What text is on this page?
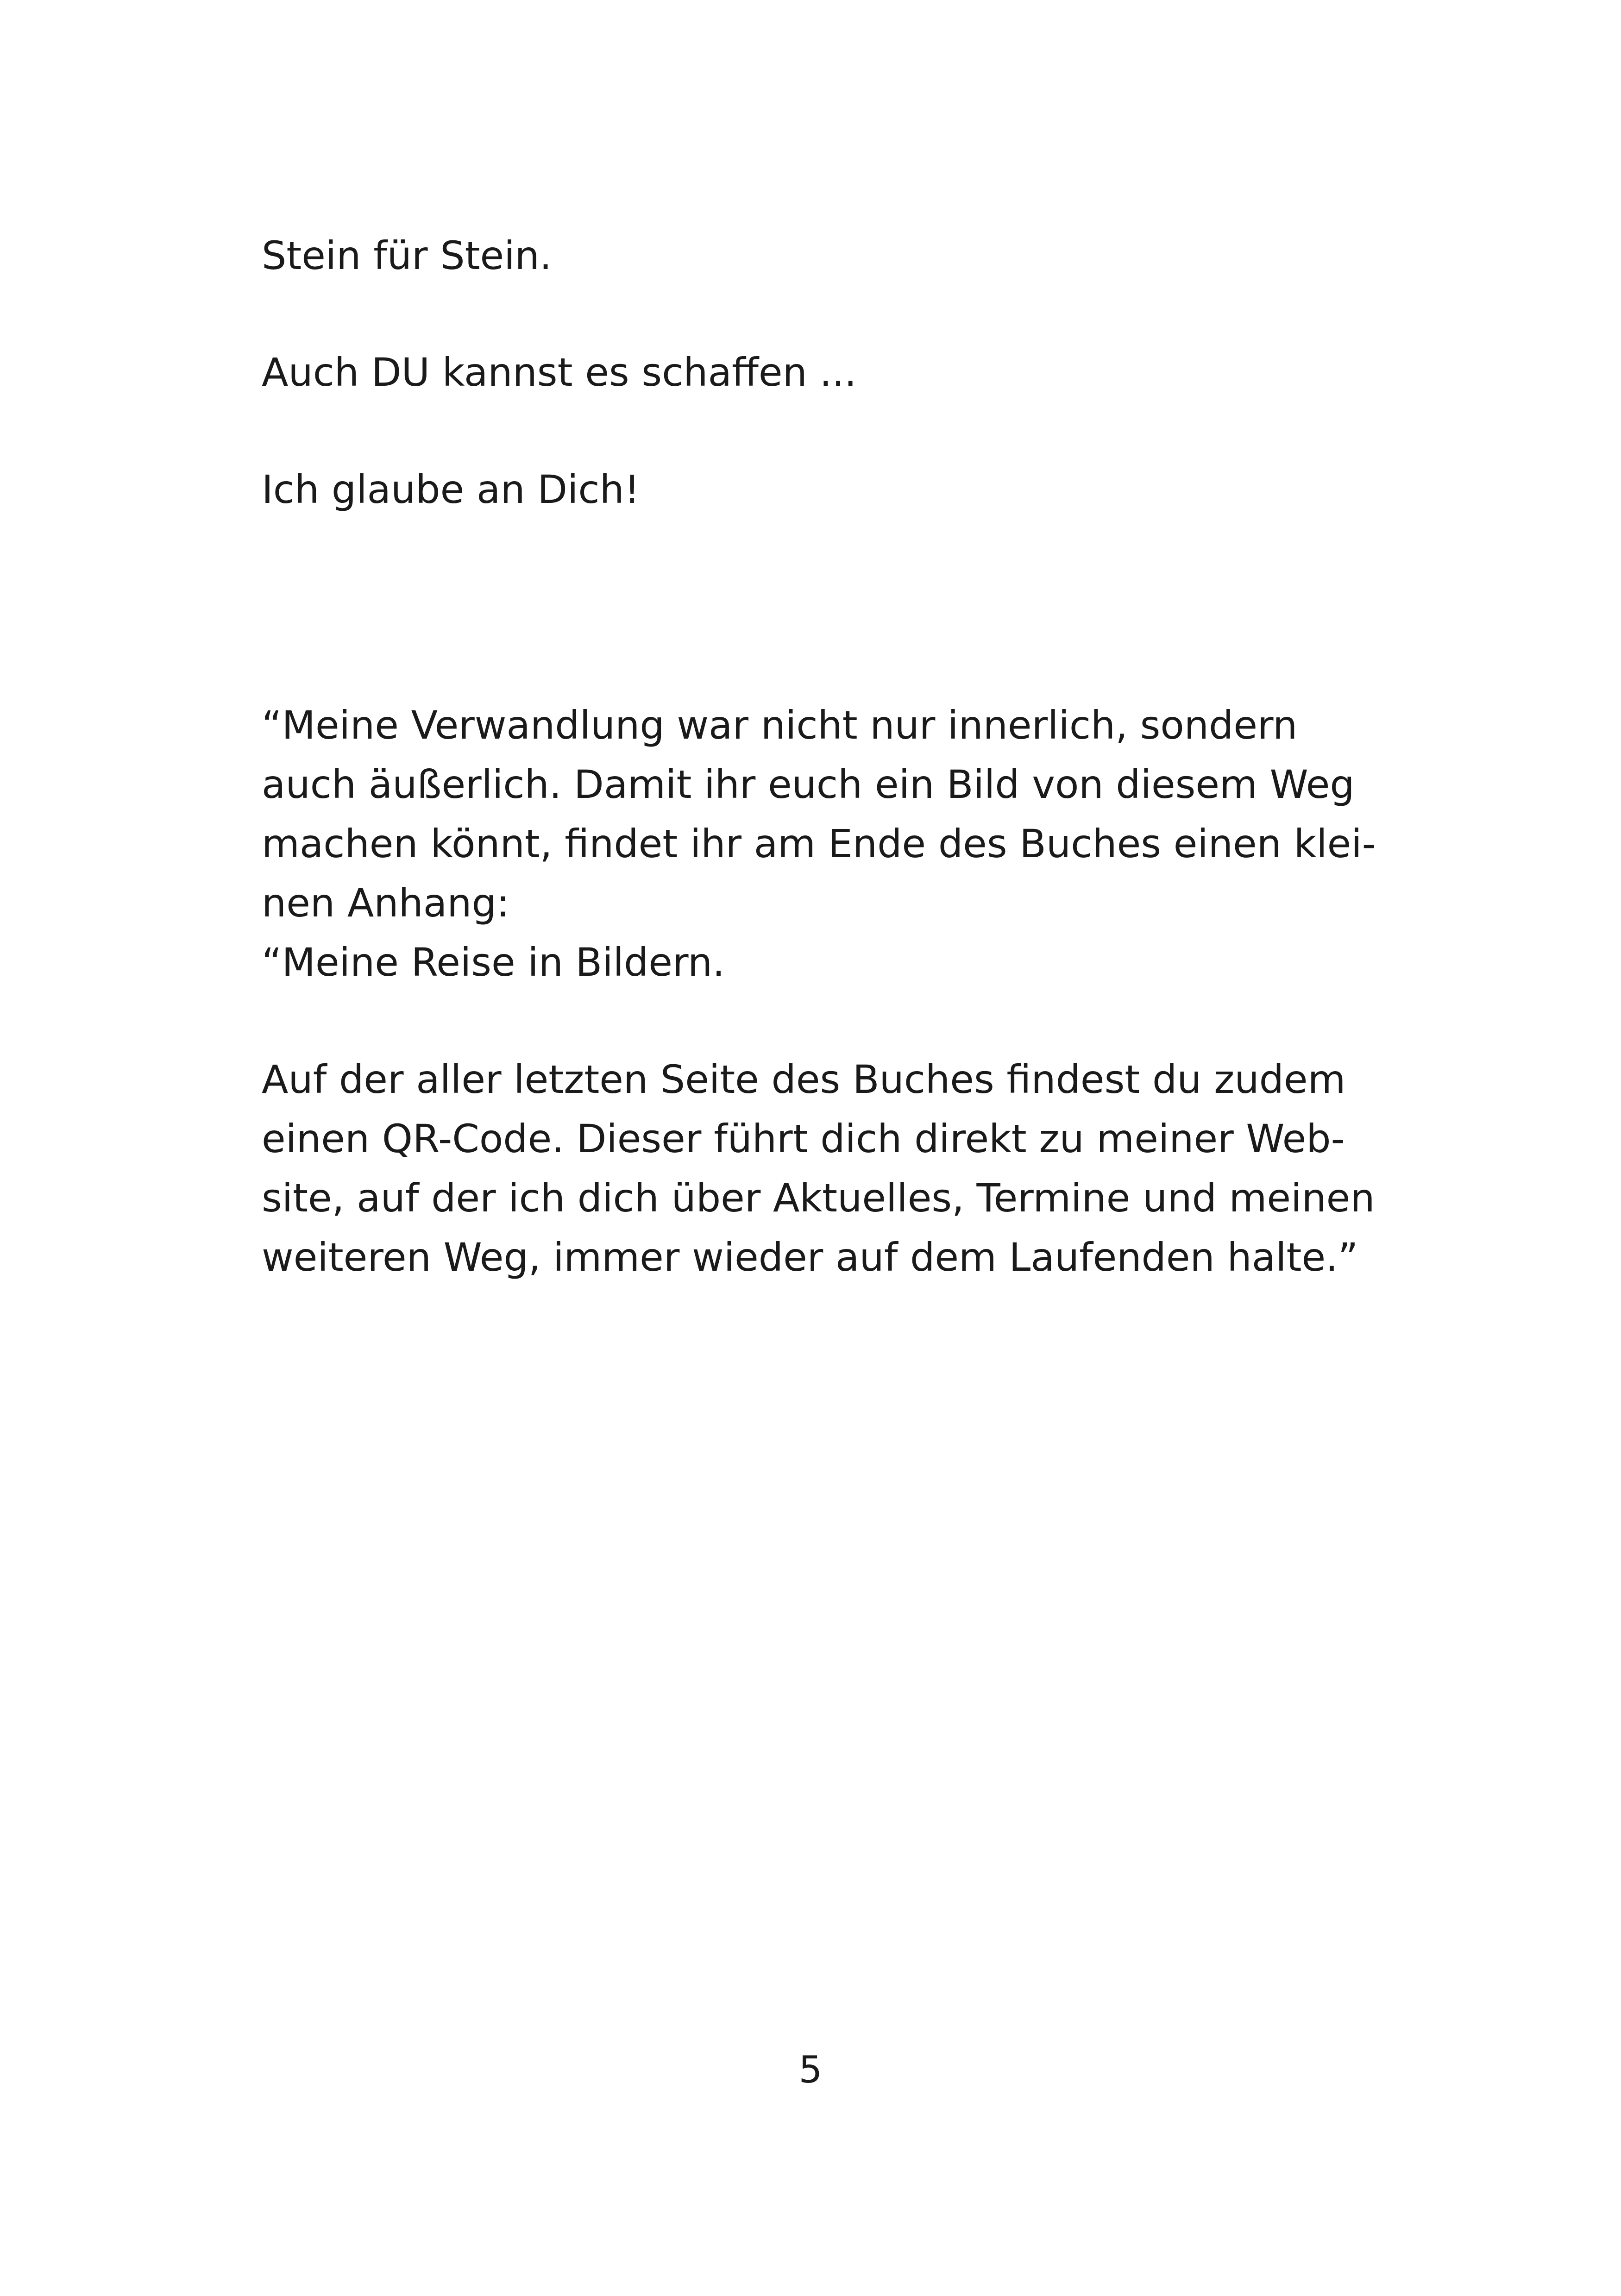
Stein für Stein.

Auch DU kannst es schaffen ...

Ich glaube an Dich!

“Meine Verwandlung war nicht nur innerlich, sondern

auch äußerlich. Damit ihr euch ein Bild von diesem Weg

machen könnt, findet ihr am Ende des Buches einen klei-

nen Anhang:

“Meine Reise in Bildern.

Auf der aller letzten Seite des Buches findest du zudem

einen QR-Code. Dieser führt dich direkt zu meiner Web-

site, auf der ich dich über Aktuelles, Termine und meinen

weiteren Weg, immer wieder auf dem Laufenden halte.”

5
